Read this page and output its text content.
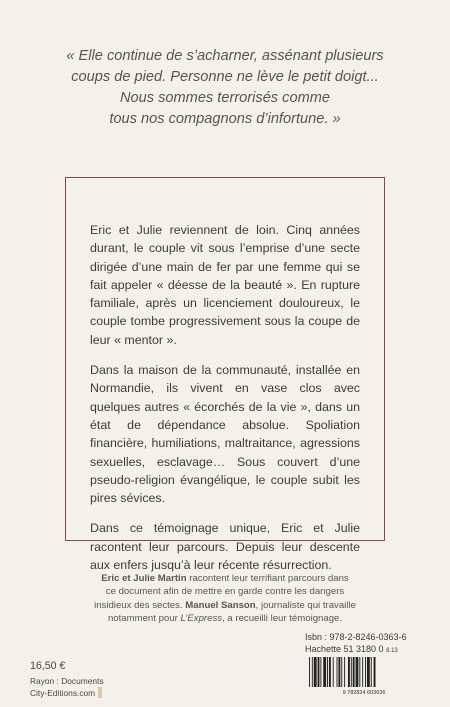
« Elle continue de s’acharner, assénant plusieurs
coups de pied. Personne ne lève le petit doigt...
Nous sommes terrorisés comme
tous nos compagnons d’infortune. »

Eric et Julie reviennent de loin. Cinq années durant, le couple vit sous l’emprise d’une secte dirigée d’une main de fer par une femme qui se fait appeler « déesse de la beauté ». En rupture familiale, après un licenciement douloureux, le couple tombe progressivement sous la coupe de leur « mentor ».

Dans la maison de la communauté, installée en Normandie, ils vivent en vase clos avec quelques autres « écorchés de la vie », dans un état de dépendance absolue. Spoliation financière, humiliations, maltraitance, agressions sexuelles, esclavage… Sous couvert d’une pseudo-religion évangélique, le couple subit les pires sévices.

Dans ce témoignage unique, Eric et Julie racontent leur parcours. Depuis leur descente aux enfers jusqu’à leur récente résurrection.

Eric et Julie Martin racontent leur terrifiant parcours dans
ce document afin de mettre en garde contre les dangers
insidieux des sectes. Manuel Sanson, journaliste qui travaille
notamment pour L’Express, a recueilli leur témoignage.
Isbn : 978-2-8246-0363-6
Hachette 51 3180 0 8.13
9 782824 603636
16,50 €
Rayon : Documents
City-Editions.com
